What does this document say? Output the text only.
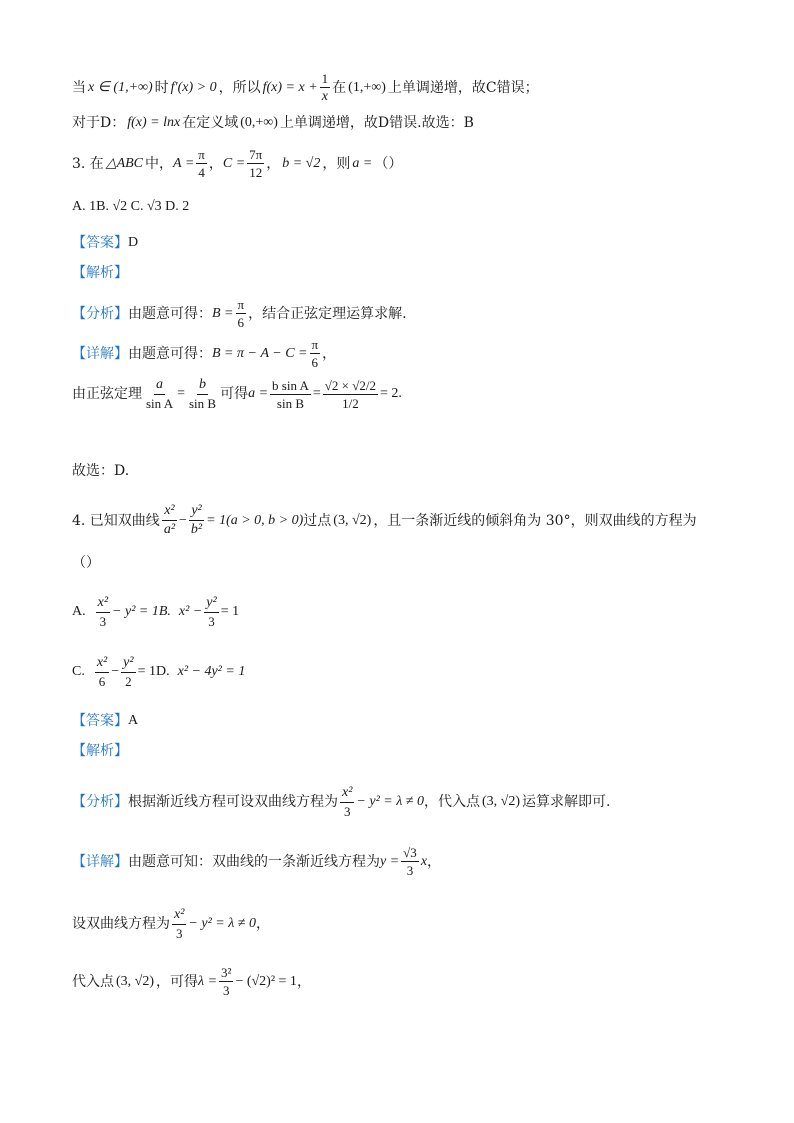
当 x ∈ (1,+∞) 时 f′(x) > 0 ，所以 $f(x) = x + \frac{1}{x}$ 在 (1,+∞) 上单调递增，故C错误；
对于D： f(x) = lnx 在定义域 (0,+∞) 上单调递增，故D错误.故选：B
3. 在 △ABC 中， $A = \frac{\pi}{4}$ ， $C = \frac{7\pi}{12}$ ， b = √2 ，则 a = （）
A. 1B. √2 C. √3 D. 2
【答案】 D
【解析】
【分析】 由题意可得： $B = \frac{\pi}{6}$ ，结合正弦定理运算求解.
【详解】 由题意可得： $B = \pi - A - C = \frac{\pi}{6}$ ，
由正弦定理 $\frac{a}{\text{sin A}} = \frac{b}{\text{sin B}}$ 可得 $a = \frac{\text{b sin A}}{\text{sin B}} = \frac{√2 \times √2/2}{1/2} = 2$.
故选：D.
4. 已知双曲线 $\frac{\text{x²}}{\text{a²}} - \frac{\text{y²}}{\text{b²}} = 1(a > 0$, b > 0) 过点 (3, √2) ，且一条渐近线的倾斜角为 30°，则双曲线的方程为
（）
A. $\frac{\text{x²}}{3} - y^2 = 1B$. $x^2 - \frac{\text{y²}}{3} = 1$
C. $\frac{\text{x²}}{6} - \frac{\text{y²}}{2} = 1D$. x² − 4y² = 1
【答案】 A
【解析】
【分析】 根据渐近线方程可设双曲线方程为 $\frac{\text{x²}}{3} - y^2 = \lambda \ne 0$ ，代入点 (3, √2) 运算求解即可.
【详解】 由题意可知：双曲线的一条渐近线方程为 $y = \frac{√3}{3}$ x ，
设双曲线方程为 $\frac{\text{x²}}{3} - y^2 = \lambda \ne 0$ ，
代入点 (3, √2) ，可得 $\lambda = \frac{\text{3²}}{3} - (√2)^2 = 1$ ，
